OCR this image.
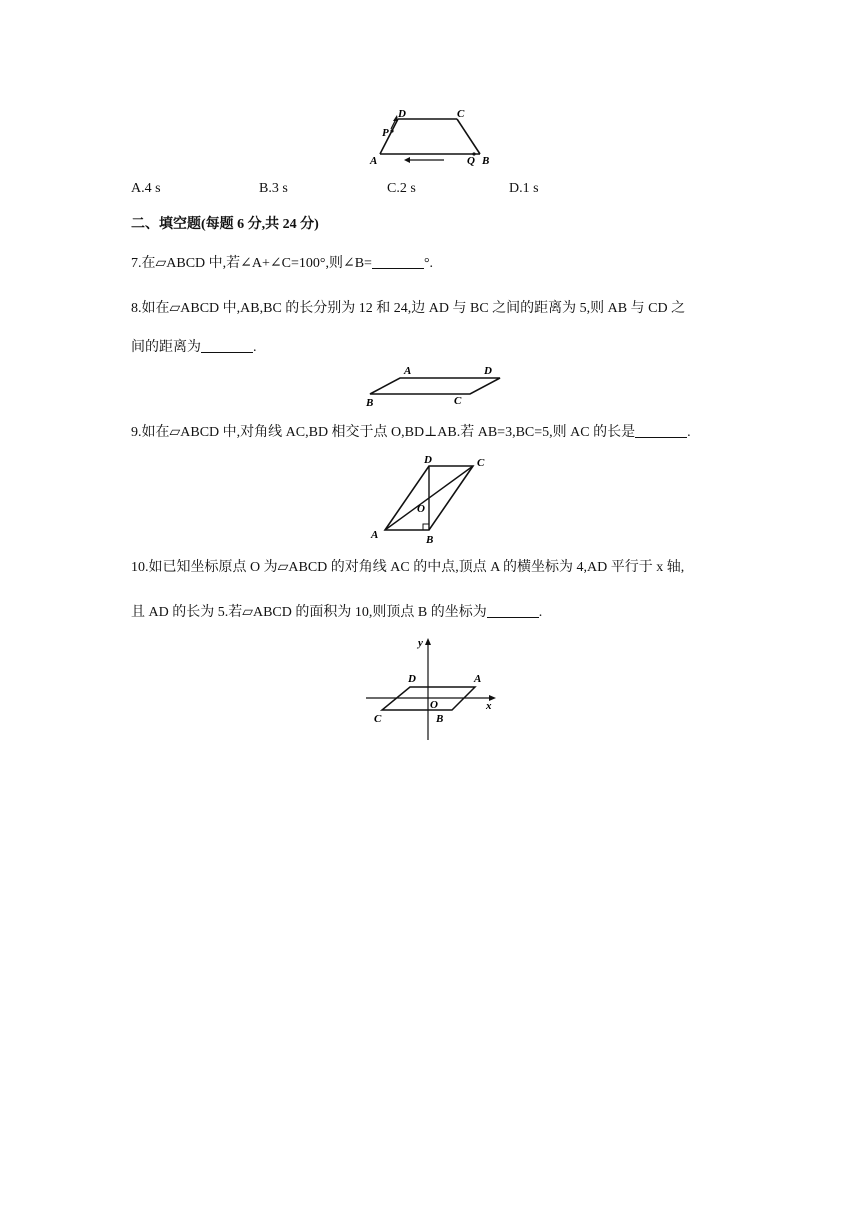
D	C
P
A	Q B
A.4 s	B.3 s	C.2 s	D.1 s
二、填空题(每题 6 分,共 24 分)
7.在▱ABCD 中,若∠A+∠C=100°,则∠B=	°.
8.如在▱ABCD 中,AB,BC 的长分别为 12 和 24,边 AD 与 BC 之间的距离为 5,则 AB 与 CD 之
间的距离为	.
A	D
B	C
9.如在▱ABCD 中,对角线 AC,BD 相交于点 O,BD⊥AB.若 AB=3,BC=5,则 AC 的长是	.
D	C
O
A	B
10.如已知坐标原点 O 为▱ABCD 的对角线 AC 的中点,顶点 A 的横坐标为 4,AD 平行于 x 轴,
且 AD 的长为 5.若▱ABCD 的面积为 10,则顶点 B 的坐标为	.
y
x
D	A
O
C	B
